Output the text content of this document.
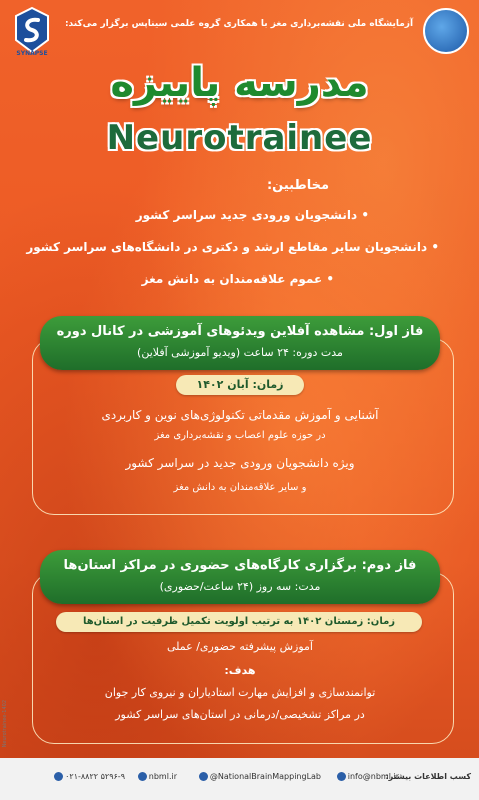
SYNAPSE
آزمایشگاه ملی نقشه‌برداری مغز با همکاری گروه علمی سیناپس برگزار می‌کند:
مدرسه پاییزه
Neurotrainee
مخاطبین:
• دانشجویان ورودی جدید سراسر کشور
• دانشجویان سایر مقاطع ارشد و دکتری در دانشگاه‌های سراسر کشور
• عموم علاقه‌مندان به دانش مغز
فاز اول: مشاهده آفلاین ویدئوهای آموزشی در کانال دوره
مدت دوره: ۲۴ ساعت (ویدیو آموزشی آفلاین)
زمان: آبان ۱۴۰۲
آشنایی و آموزش مقدماتی تکنولوژی‌های نوین و کاربردی
در حوزه علوم اعصاب و نقشه‌برداری مغز
ویژه دانشجویان ورودی جدید در سراسر کشور
و سایر علاقه‌مندان به دانش مغز
فاز دوم: برگزاری کارگاه‌های حضوری در مراکز استان‌ها
مدت: سه روز (۲۴ ساعت/حضوری)
زمان: زمستان ۱۴۰۲ به ترتیب اولویت تکمیل ظرفیت در استان‌ها
آموزش پیشرفته حضوری/ عملی
هدف:
توانمندسازی و افزایش مهارت استادیاران و نیروی کار جوان
در مراکز تشخیصی/درمانی در استان‌های سراسر کشور
Neurotrainee-1402
کسب اطلاعات بیشتر:
info@nbml.ir
@NationalBrainMappingLab
nbml.ir
۰۲۱-۸۸۲۲ ۵۲۹۶-۹
